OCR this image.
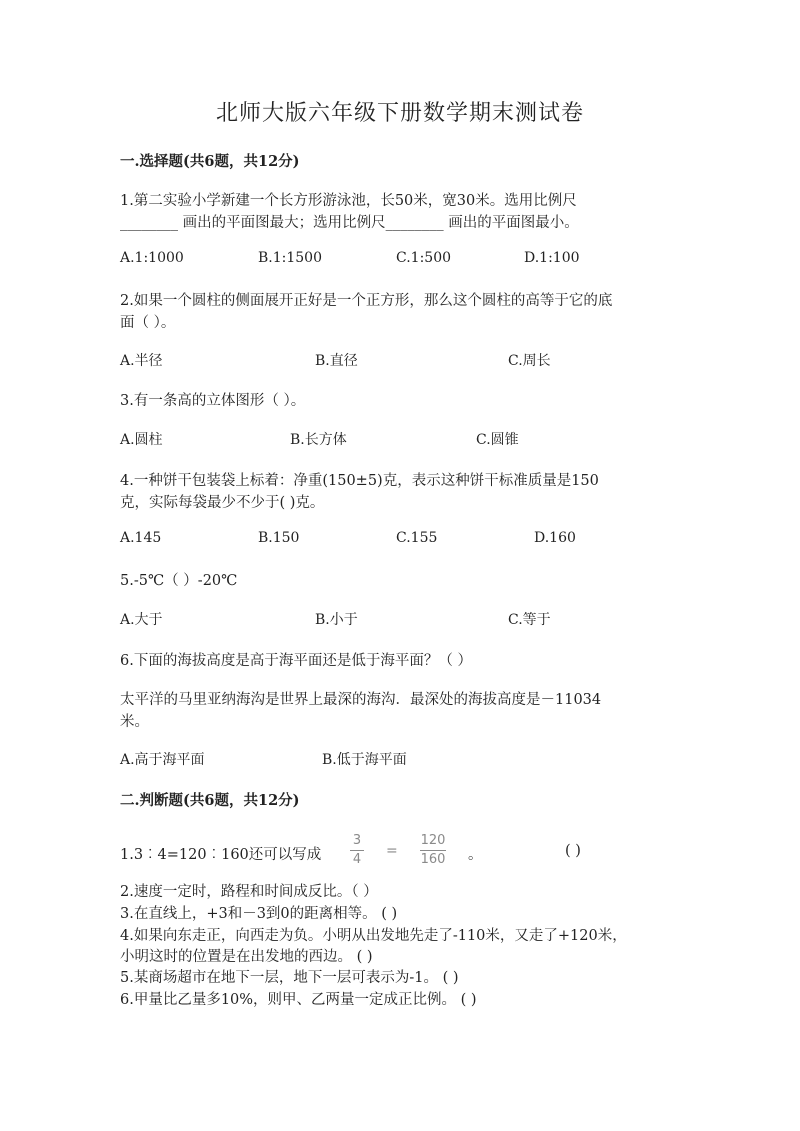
北师大版六年级下册数学期末测试卷
一.选择题(共6题，共12分)
1.第二实验小学新建一个长方形游泳池，长50米，宽30米。选用比例尺
________ 画出的平面图最大；选用比例尺________ 画出的平面图最小。
A.1:1000	B.1:1500	C.1:500	D.1:100
2.如果一个圆柱的侧面展开正好是一个正方形，那么这个圆柱的高等于它的底
面（ ）。
A.半径	B.直径	C.周长
3.有一条高的立体图形（ ）。
A.圆柱	B.长方体	C.圆锥
4.一种饼干包装袋上标着：净重(150±5)克，表示这种饼干标准质量是150
克，实际每袋最少不少于( )克。
A.145	B.150	C.155	D.160
5.-5℃（ ）-20℃
A.大于	B.小于	C.等于
6.下面的海拔高度是高于海平面还是低于海平面？（ ）
太平洋的马里亚纳海沟是世界上最深的海沟．最深处的海拔高度是－11034
米。
A.高于海平面	B.低于海平面
二.判断题(共6题，共12分)
1.3︰4=120︰160还可以写成
3
4
=
120
160 。	( )
2.速度一定时，路程和时间成反比。（ ）
3.在直线上，+3和－3到0的距离相等。 ( )
4.如果向东走正，向西走为负。小明从出发地先走了-110米，又走了+120米，
小明这时的位置是在出发地的西边。 ( )
5.某商场超市在地下一层，地下一层可表示为-1。 ( )
6.甲量比乙量多10%，则甲、乙两量一定成正比例。 ( )
